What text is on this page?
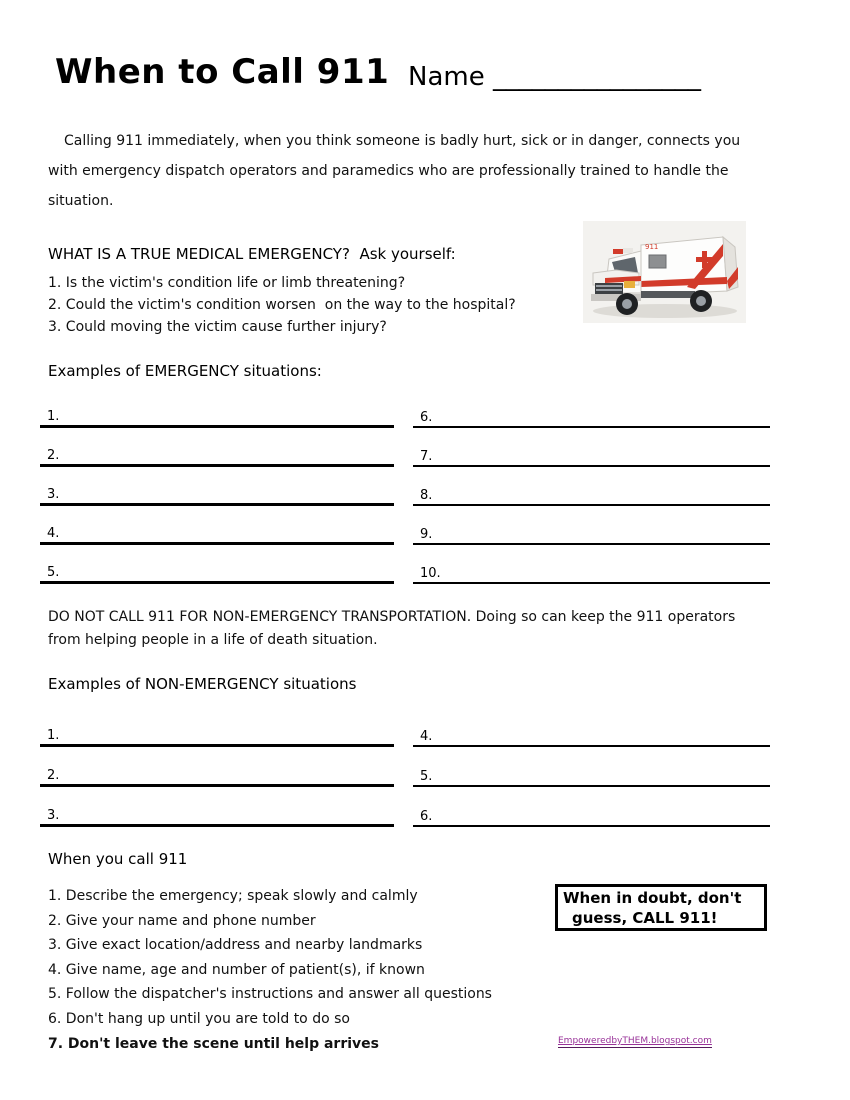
When to Call 911 Name ________________
Calling 911 immediately, when you think someone is badly hurt, sick or in danger, connects you with emergency dispatch operators and paramedics who are professionally trained to handle the situation.
911
WHAT IS A TRUE MEDICAL EMERGENCY?  Ask yourself:
1. Is the victim's condition life or limb threatening?
2. Could the victim's condition worsen  on the way to the hospital?
3. Could moving the victim cause further injury?
Examples of EMERGENCY situations:
1.
2.
3.
4.
5.
6.
7.
8.
9.
10.
DO NOT CALL 911 FOR NON-EMERGENCY TRANSPORTATION. Doing so can keep the 911 operators from helping people in a life of death situation.
Examples of NON-EMERGENCY situations
1.
2.
3.
4.
5.
6.
When you call 911
1. Describe the emergency; speak slowly and calmly
2. Give your name and phone number
3. Give exact location/address and nearby landmarks
4. Give name, age and number of patient(s), if known
5. Follow the dispatcher's instructions and answer all questions
6. Don't hang up until you are told to do so
7. Don't leave the scene until help arrives
When in doubt, don't
guess, CALL 911!
EmpoweredbyTHEM.blogspot.com
